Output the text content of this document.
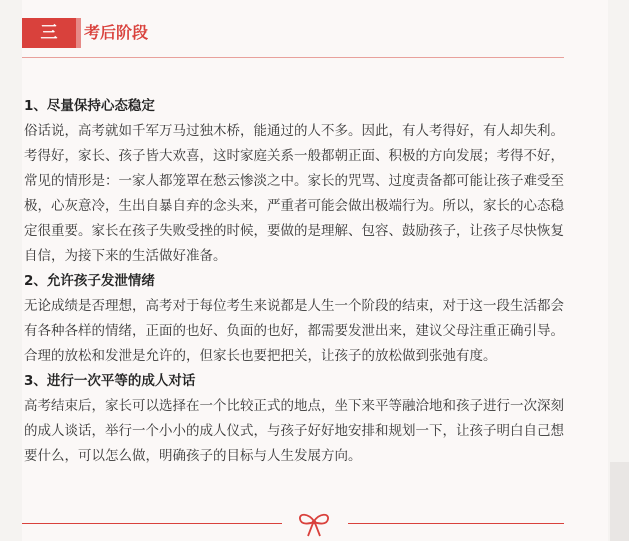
三	考后阶段
1、尽量保持心态稳定

俗话说，高考就如千军万马过独木桥，能通过的人不多。因此，有人考得好，有人却失利。考得好，家长、孩子皆大欢喜，这时家庭关系一般都朝正面、积极的方向发展；考得不好，常见的情形是：一家人都笼罩在愁云惨淡之中。家长的咒骂、过度责备都可能让孩子难受至极，心灰意冷，生出自暴自弃的念头来，严重者可能会做出极端行为。所以，家长的心态稳定很重要。家长在孩子失败受挫的时候，要做的是理解、包容、鼓励孩子，让孩子尽快恢复自信，为接下来的生活做好准备。

2、允许孩子发泄情绪

无论成绩是否理想，高考对于每位考生来说都是人生一个阶段的结束，对于这一段生活都会有各种各样的情绪，正面的也好、负面的也好，都需要发泄出来，建议父母注重正确引导。合理的放松和发泄是允许的，但家长也要把把关，让孩子的放松做到张弛有度。

3、进行一次平等的成人对话

高考结束后，家长可以选择在一个比较正式的地点，坐下来平等融洽地和孩子进行一次深刻的成人谈话，举行一个小小的成人仪式，与孩子好好地安排和规划一下，让孩子明白自己想要什么，可以怎么做，明确孩子的目标与人生发展方向。
